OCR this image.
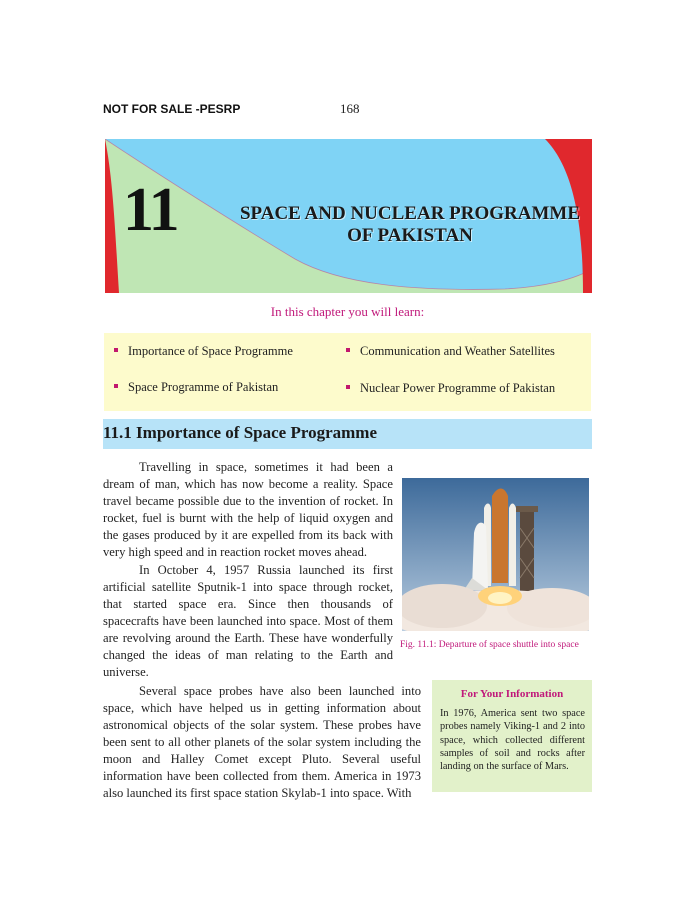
NOT FOR SALE -PESRP	168
11	SPACE AND NUCLEAR PROGRAMME
OF PAKISTAN
In this chapter you will learn:
Importance of Space Programme	Communication and Weather Satellites
Space Programme of Pakistan	Nuclear Power Programme of Pakistan
11.1 Importance of Space Programme
Travelling in space, sometimes it had been a dream of man, which has now become a reality. Space travel became possible due to the invention of rocket. In rocket, fuel is burnt with the help of liquid oxygen and the gases produced by it are expelled from its back with very high speed and in reaction rocket moves ahead.
In October 4, 1957 Russia launched its first artificial satellite Sputnik-1 into space through rocket, that started space era. Since then thousands of spacecrafts have been launched into space. Most of them are revolving around the Earth. These have wonderfully changed the ideas of man relating to the Earth and universe.
Several space probes have also been launched into space, which have helped us in getting information about astronomical objects of the solar system. These probes have been sent to all other planets of the solar system including the moon and Halley Comet except Pluto. Several useful information have been collected from them. America in 1973 also launched its first space station Skylab-1 into space. With
Fig. 11.1: Departure of space shuttle into space
For Your Information
In 1976, America sent two space probes namely Viking-1 and 2 into space, which collected different samples of soil and rocks after landing on the surface of Mars.
